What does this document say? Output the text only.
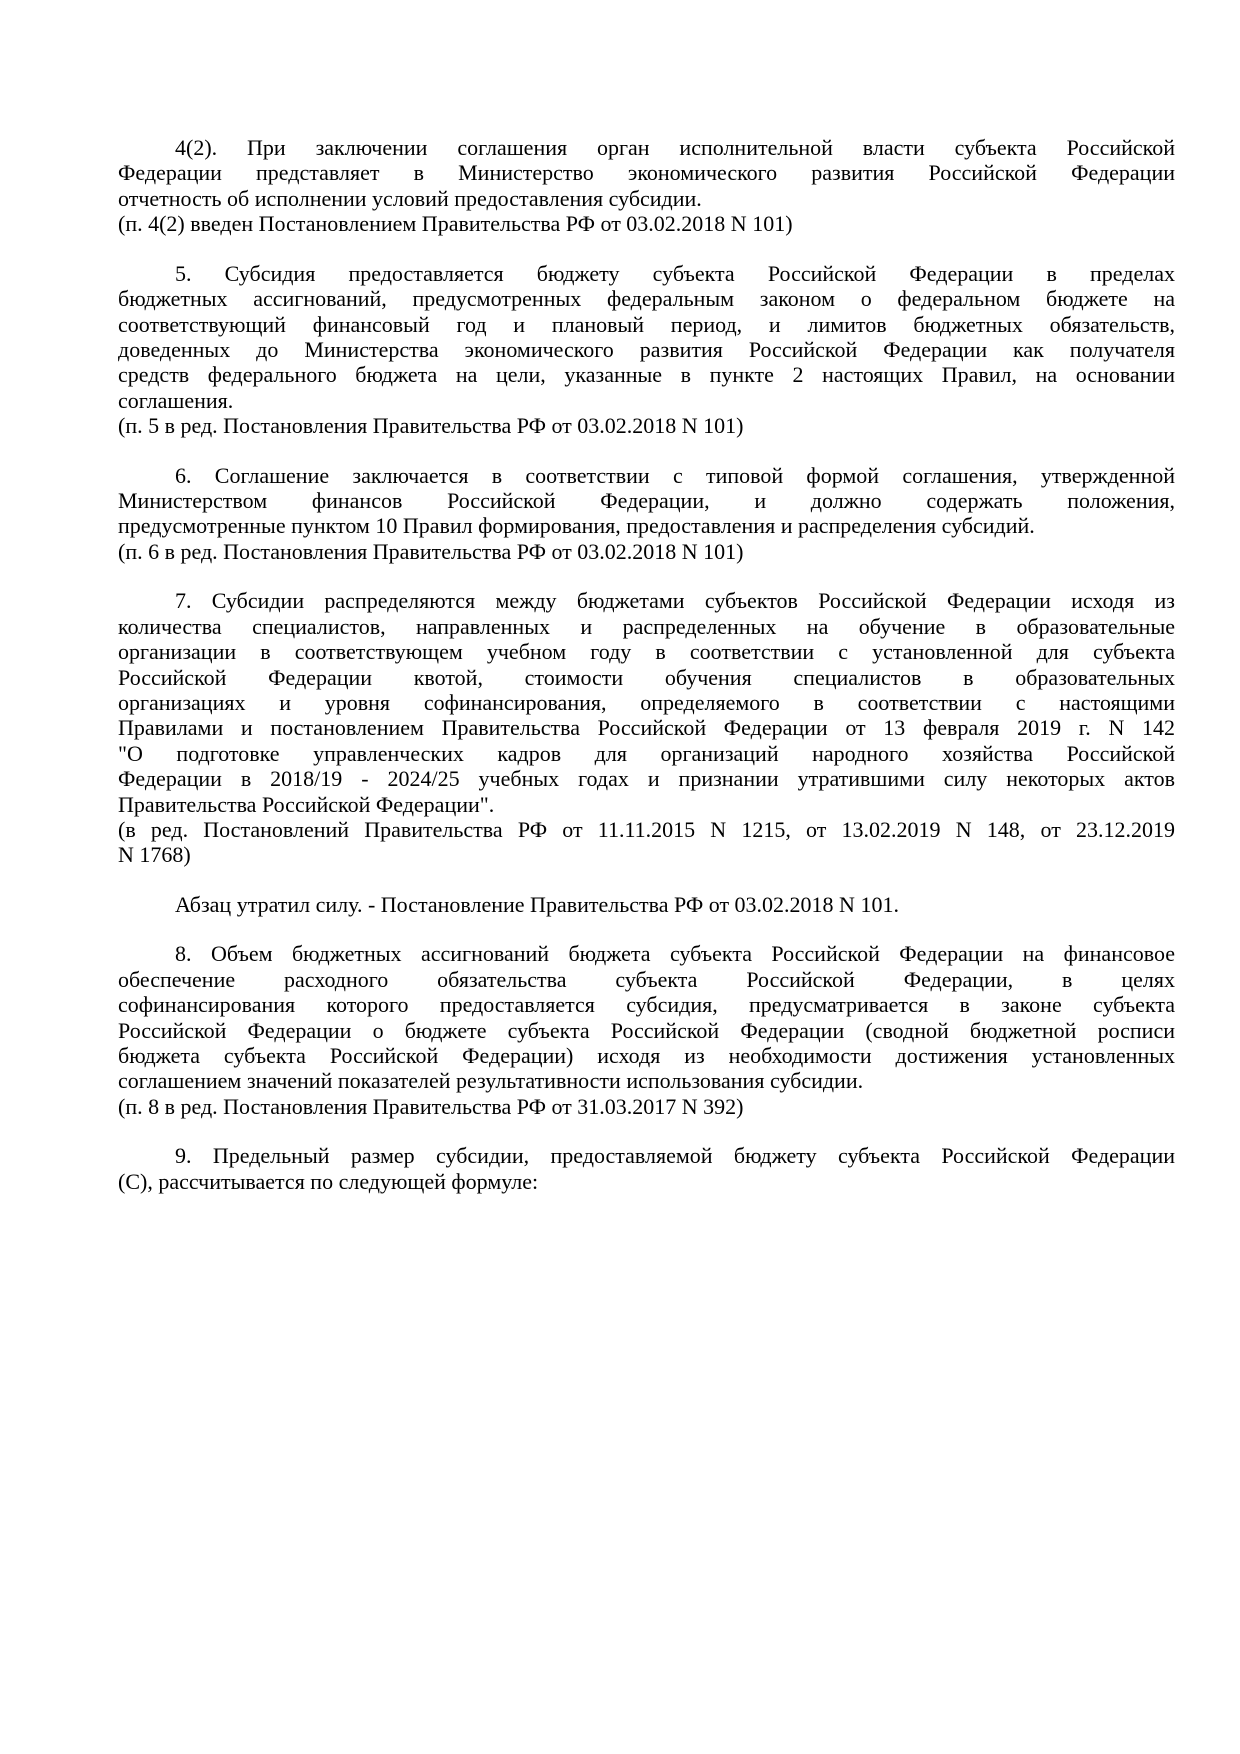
4(2). При заключении соглашения орган исполнительной власти субъекта Российской
Федерации представляет в Министерство экономического развития Российской Федерации
отчетность об исполнении условий предоставления субсидии.
(п. 4(2) введен Постановлением Правительства РФ от 03.02.2018 N 101)
5. Субсидия предоставляется бюджету субъекта Российской Федерации в пределах
бюджетных ассигнований, предусмотренных федеральным законом о федеральном бюджете на
соответствующий финансовый год и плановый период, и лимитов бюджетных обязательств,
доведенных до Министерства экономического развития Российской Федерации как получателя
средств федерального бюджета на цели, указанные в пункте 2 настоящих Правил, на основании
соглашения.
(п. 5 в ред. Постановления Правительства РФ от 03.02.2018 N 101)
6. Соглашение заключается в соответствии с типовой формой соглашения, утвержденной
Министерством финансов Российской Федерации, и должно содержать положения,
предусмотренные пунктом 10 Правил формирования, предоставления и распределения субсидий.
(п. 6 в ред. Постановления Правительства РФ от 03.02.2018 N 101)
7. Субсидии распределяются между бюджетами субъектов Российской Федерации исходя из
количества специалистов, направленных и распределенных на обучение в образовательные
организации в соответствующем учебном году в соответствии с установленной для субъекта
Российской Федерации квотой, стоимости обучения специалистов в образовательных
организациях и уровня софинансирования, определяемого в соответствии с настоящими
Правилами и постановлением Правительства Российской Федерации от 13 февраля 2019 г. N 142
"О подготовке управленческих кадров для организаций народного хозяйства Российской
Федерации в 2018/19 - 2024/25 учебных годах и признании утратившими силу некоторых актов
Правительства Российской Федерации".
(в ред. Постановлений Правительства РФ от 11.11.2015 N 1215, от 13.02.2019 N 148, от 23.12.2019
N 1768)
Абзац утратил силу. - Постановление Правительства РФ от 03.02.2018 N 101.
8. Объем бюджетных ассигнований бюджета субъекта Российской Федерации на финансовое
обеспечение расходного обязательства субъекта Российской Федерации, в целях
софинансирования которого предоставляется субсидия, предусматривается в законе субъекта
Российской Федерации о бюджете субъекта Российской Федерации (сводной бюджетной росписи
бюджета субъекта Российской Федерации) исходя из необходимости достижения установленных
соглашением значений показателей результативности использования субсидии.
(п. 8 в ред. Постановления Правительства РФ от 31.03.2017 N 392)
9. Предельный размер субсидии, предоставляемой бюджету субъекта Российской Федерации
(С), рассчитывается по следующей формуле:
